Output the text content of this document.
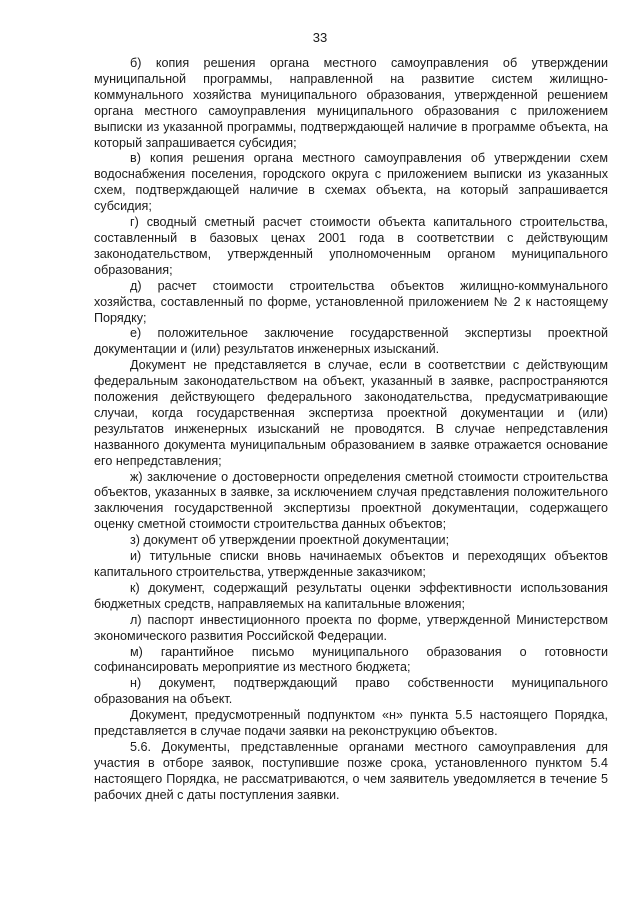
33

б) копия решения органа местного самоуправления об утверждении муниципальной программы, направленной на развитие систем жилищно-коммунального хозяйства муниципального образования, утвержденной решением органа местного самоуправления муниципального образования с приложением выписки из указанной программы, подтверждающей наличие в программе объекта, на который запрашивается субсидия;

в) копия решения органа местного самоуправления об утверждении схем водоснабжения поселения, городского округа с приложением выписки из указанных схем, подтверждающей наличие в схемах объекта, на который запрашивается субсидия;

г) сводный сметный расчет стоимости объекта капитального строительства, составленный в базовых ценах 2001 года в соответствии с действующим законодательством, утвержденный уполномоченным органом муниципального образования;

д) расчет стоимости строительства объектов жилищно-коммунального хозяйства, составленный по форме, установленной приложением № 2 к настоящему Порядку;

е) положительное заключение государственной экспертизы проектной документации и (или) результатов инженерных изысканий.

Документ не представляется в случае, если в соответствии с действующим федеральным законодательством на объект, указанный в заявке, распространяются положения действующего федерального законодательства, предусматривающие случаи, когда государственная экспертиза проектной документации и (или) результатов инженерных изысканий не проводятся. В случае непредставления названного документа муниципальным образованием в заявке отражается основание его непредставления;

ж) заключение о достоверности определения сметной стоимости строительства объектов, указанных в заявке, за исключением случая представления положительного заключения государственной экспертизы проектной документации, содержащего оценку сметной стоимости строительства данных объектов;

з) документ об утверждении проектной документации;

и) титульные списки вновь начинаемых объектов и переходящих объектов капитального строительства, утвержденные заказчиком;

к) документ, содержащий результаты оценки эффективности использования бюджетных средств, направляемых на капитальные вложения;

л) паспорт инвестиционного проекта по форме, утвержденной Министерством экономического развития Российской Федерации.

м) гарантийное письмо муниципального образования о готовности софинансировать мероприятие из местного бюджета;

н) документ, подтверждающий право собственности муниципального образования на объект.

Документ, предусмотренный подпунктом «н» пункта 5.5 настоящего Порядка, представляется в случае подачи заявки на реконструкцию объектов.

5.6. Документы, представленные органами местного самоуправления для участия в отборе заявок, поступившие позже срока, установленного пунктом 5.4 настоящего Порядка, не рассматриваются, о чем заявитель уведомляется в течение 5 рабочих дней с даты поступления заявки.
